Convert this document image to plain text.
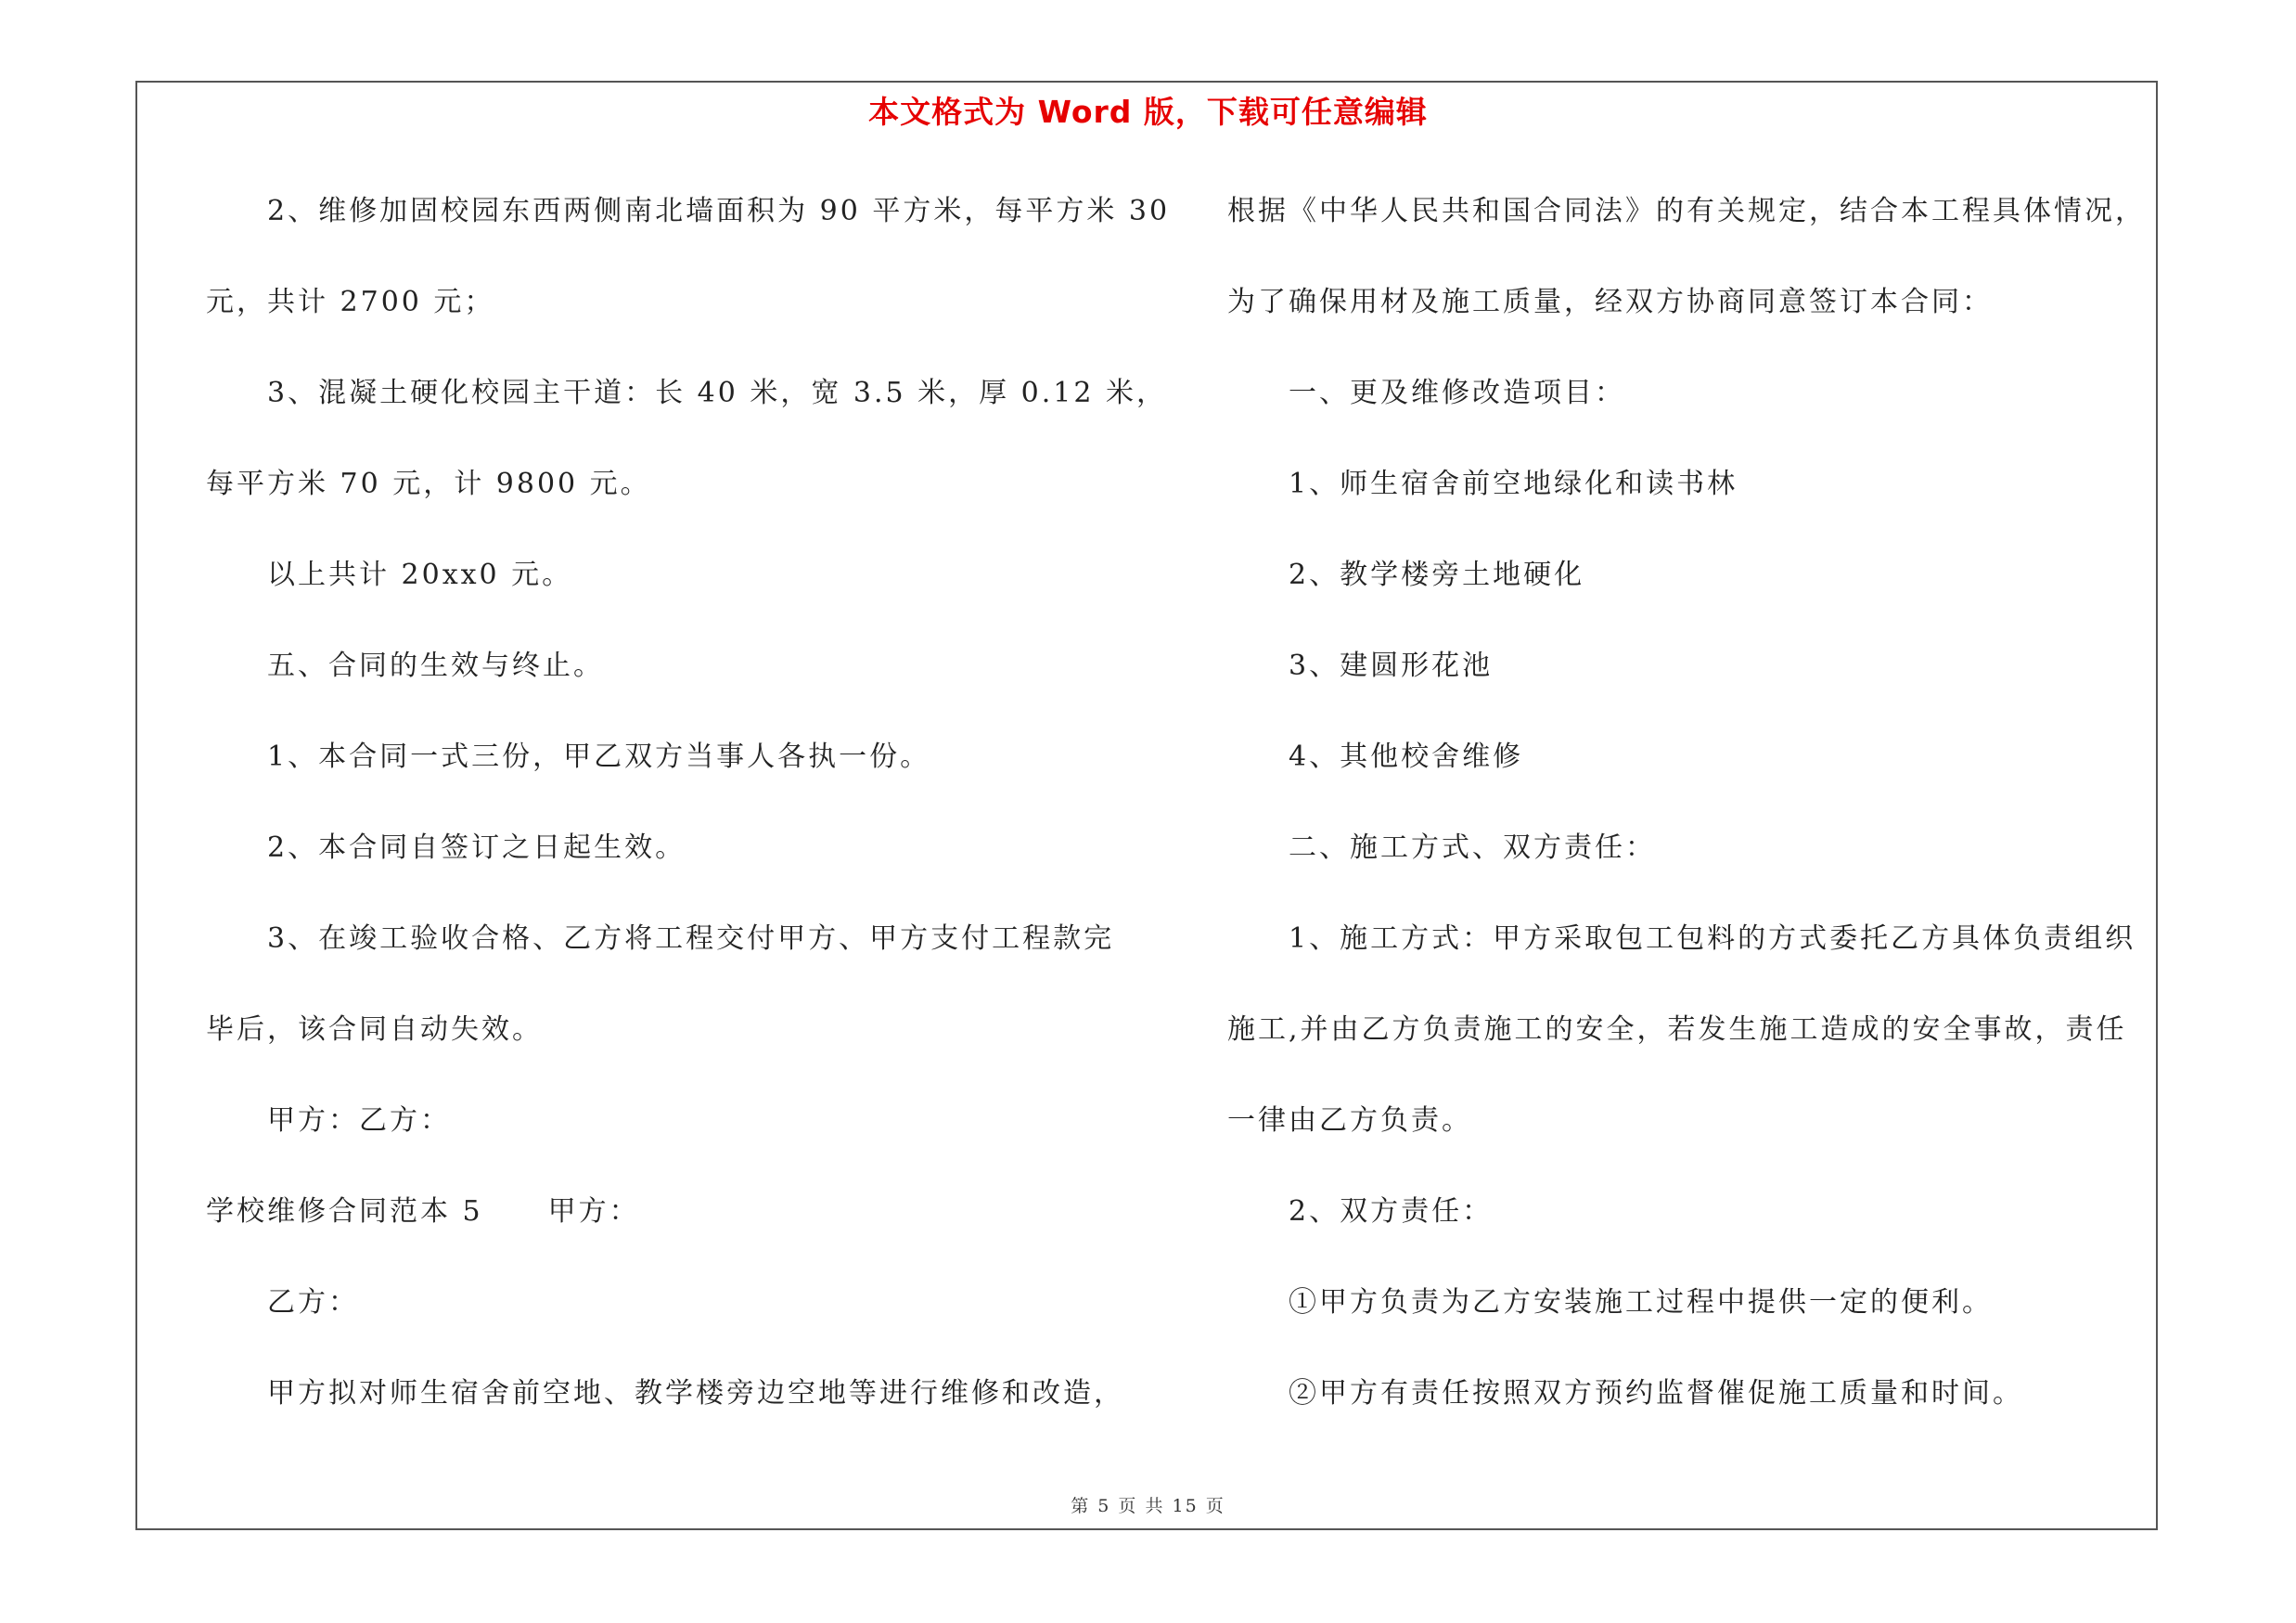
本文格式为 Word 版，下载可任意编辑
2、维修加固校园东西两侧南北墙面积为 90 平方米，每平方米 30
元，共计 2700 元；
3、混凝土硬化校园主干道：长 40 米，宽 3.5 米，厚 0.12 米，
每平方米 70 元，计 9800 元。
以上共计 20xx0 元。
五、合同的生效与终止。
1、本合同一式三份，甲乙双方当事人各执一份。
2、本合同自签订之日起生效。
3、在竣工验收合格、乙方将工程交付甲方、甲方支付工程款完
毕后，该合同自动失效。
甲方：乙方：
学校维修合同范本 5 甲方：
乙方：
甲方拟对师生宿舍前空地、教学楼旁边空地等进行维修和改造，
根据《中华人民共和国合同法》的有关规定，结合本工程具体情况，
为了确保用材及施工质量，经双方协商同意签订本合同：
一、更及维修改造项目：
1、师生宿舍前空地绿化和读书林
2、教学楼旁土地硬化
3、建圆形花池
4、其他校舍维修
二、施工方式、双方责任：
1、施工方式：甲方采取包工包料的方式委托乙方具体负责组织
施工,并由乙方负责施工的安全，若发生施工造成的安全事故，责任
一律由乙方负责。
2、双方责任：
①甲方负责为乙方安装施工过程中提供一定的便利。
②甲方有责任按照双方预约监督催促施工质量和时间。
第 5 页 共 15 页
